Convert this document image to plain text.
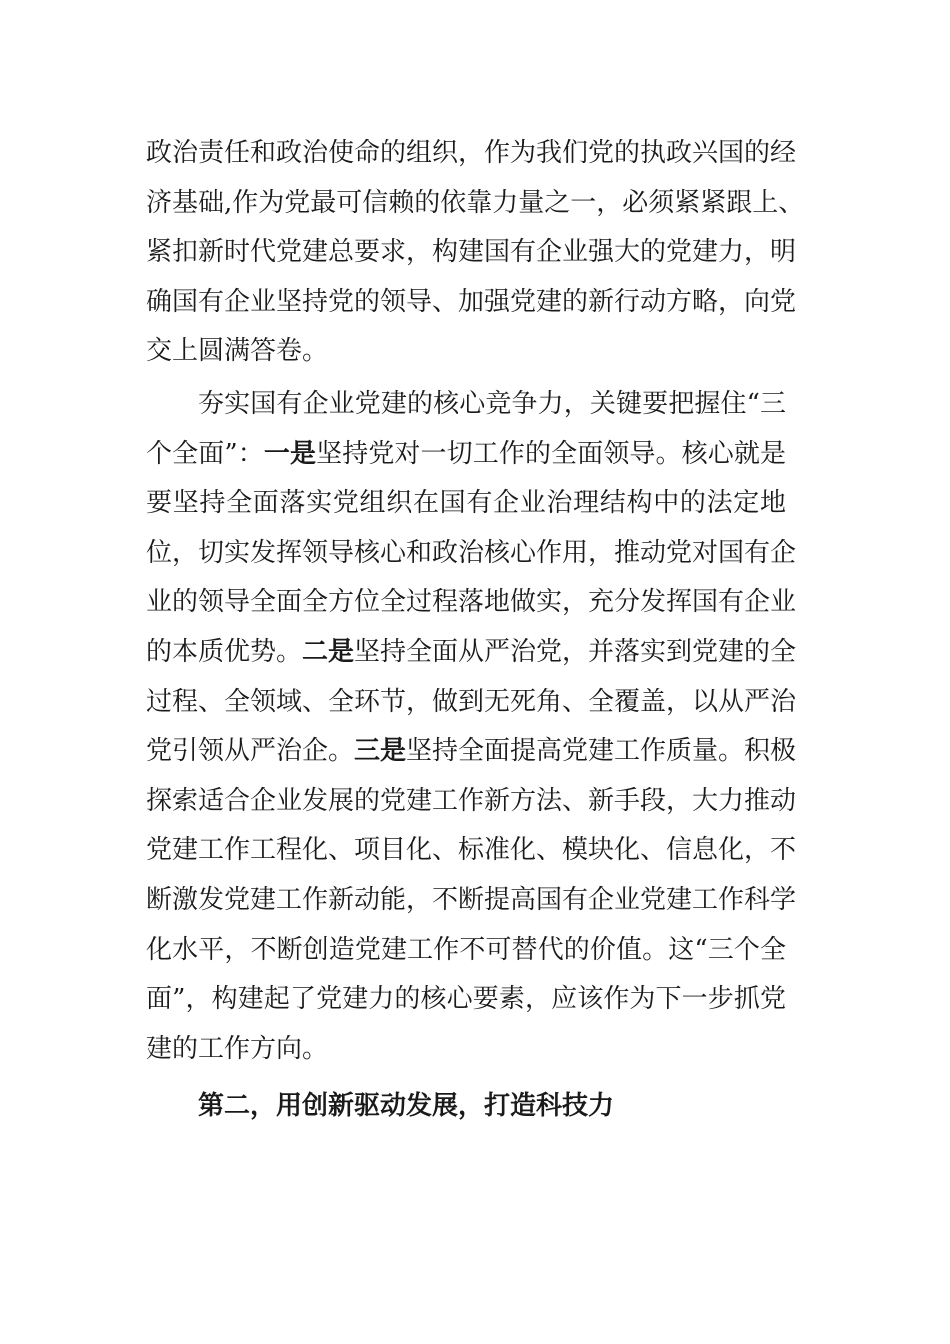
政治责任和政治使命的组织，作为我们党的执政兴国的经
济基础,作为党最可信赖的依靠力量之一，必须紧紧跟上、
紧扣新时代党建总要求，构建国有企业强大的党建力，明
确国有企业坚持党的领导、加强党建的新行动方略，向党
交上圆满答卷。
夯实国有企业党建的核心竞争力，关键要把握住“三
个全面”：一是坚持党对一切工作的全面领导。核心就是
要坚持全面落实党组织在国有企业治理结构中的法定地
位，切实发挥领导核心和政治核心作用，推动党对国有企
业的领导全面全方位全过程落地做实，充分发挥国有企业
的本质优势。二是坚持全面从严治党，并落实到党建的全
过程、全领域、全环节，做到无死角、全覆盖，以从严治
党引领从严治企。三是坚持全面提高党建工作质量。积极
探索适合企业发展的党建工作新方法、新手段，大力推动
党建工作工程化、项目化、标准化、模块化、信息化，不
断激发党建工作新动能，不断提高国有企业党建工作科学
化水平，不断创造党建工作不可替代的价值。这“三个全
面”，构建起了党建力的核心要素，应该作为下一步抓党
建的工作方向。
第二，用创新驱动发展，打造科技力
